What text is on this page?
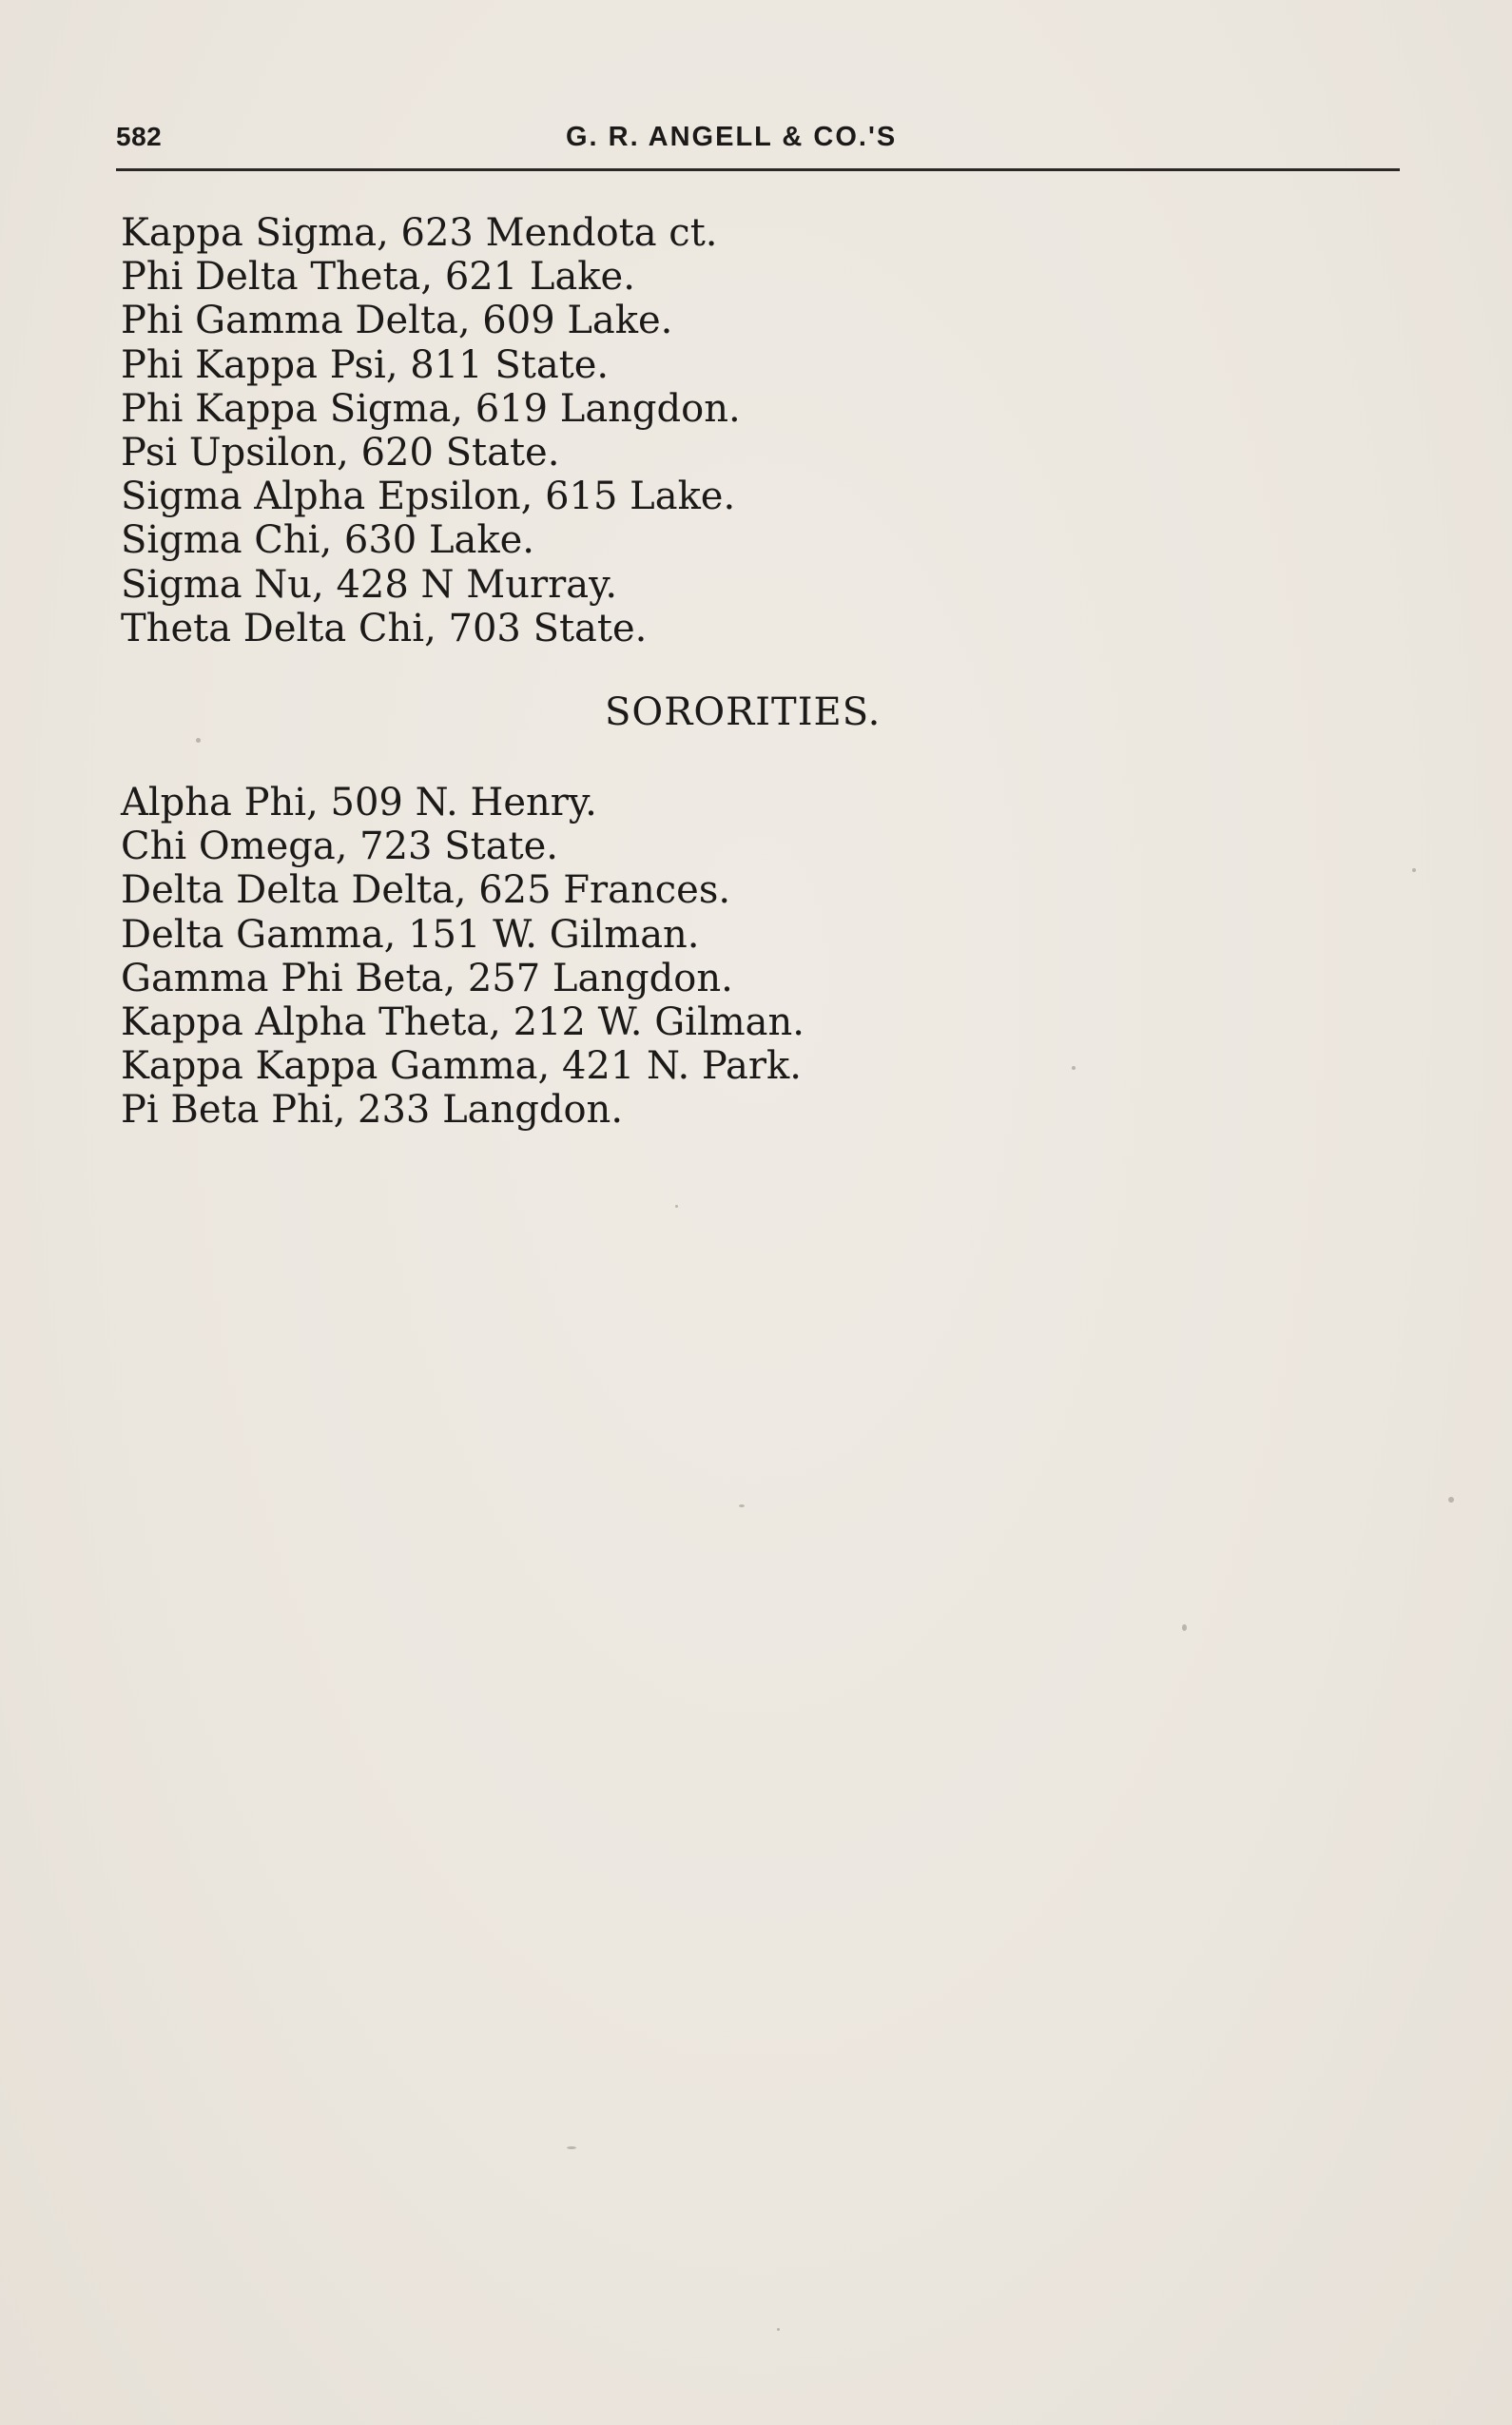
582	G. R. ANGELL & CO.'S
Kappa Sigma, 623 Mendota ct.
Phi Delta Theta, 621 Lake.
Phi Gamma Delta, 609 Lake.
Phi Kappa Psi, 811 State.
Phi Kappa Sigma, 619 Langdon.
Psi Upsilon, 620 State.
Sigma Alpha Epsilon, 615 Lake.
Sigma Chi, 630 Lake.
Sigma Nu, 428 N Murray.
Theta Delta Chi, 703 State.
SORORITIES.
Alpha Phi, 509 N. Henry.
Chi Omega, 723 State.
Delta Delta Delta, 625 Frances.
Delta Gamma, 151 W. Gilman.
Gamma Phi Beta, 257 Langdon.
Kappa Alpha Theta, 212 W. Gilman.
Kappa Kappa Gamma, 421 N. Park.
Pi Beta Phi, 233 Langdon.
